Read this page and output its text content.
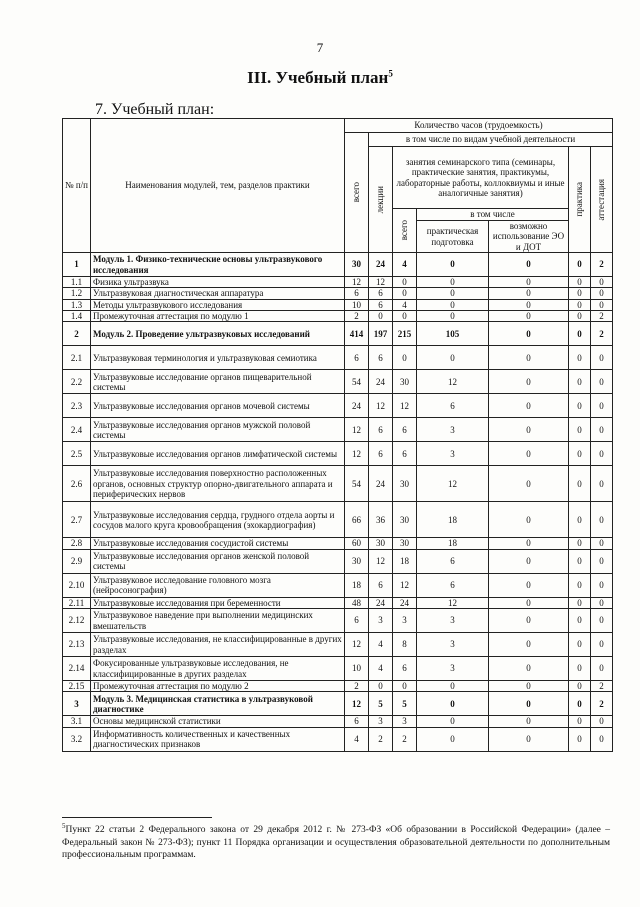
7
III. Учебный план$^5$
7. Учебный план:
№ п/п	Наименования модулей, тем, разделов практики	Количество часов (трудоемкость)						

		всего	в том числе по видам учебной деятельности					

			лекции	занятия семинарского типа (семинары, практические занятия, практикумы, лабораторные работы, коллоквиумы и иные аналогичные занятия)			практика	аттестация

				всего	в том числе			
					практическая подготовка	возможно использование ЭО и ДОТ		
1	Модуль 1. Физико-технические основы ультразвукового исследования	30	24	4	0	0	0	2
1.1	Физика ультразвука	12	12	0	0	0	0	0
1.2	Ультразвуковая диагностическая аппаратура	6	6	0	0	0	0	0
1.3	Методы ультразвукового исследования	10	6	4	0	0	0	0
1.4	Промежуточная аттестация по модулю 1	2	0	0	0	0	0	2
2	Модуль 2. Проведение ультразвуковых исследований	414	197	215	105	0	0	2
2.1	Ультразвуковая терминология и ультразвуковая семиотика	6	6	0	0	0	0	0
2.2	Ультразвуковые исследование органов пищеварительной системы	54	24	30	12	0	0	0
2.3	Ультразвуковые исследования органов мочевой системы	24	12	12	6	0	0	0
2.4	Ультразвуковые исследования органов мужской половой системы	12	6	6	3	0	0	0
2.5	Ультразвуковые исследования органов лимфатической системы	12	6	6	3	0	0	0
2.6	Ультразвуковые исследования поверхностно расположенных органов, основных структур опорно-двигательного аппарата и периферических нервов	54	24	30	12	0	0	0
2.7	Ультразвуковые исследования сердца, грудного отдела аорты и сосудов малого круга кровообращения (эхокардиография)	66	36	30	18	0	0	0
2.8	Ультразвуковые исследования сосудистой системы	60	30	30	18	0	0	0
2.9	Ультразвуковые исследования органов женской половой системы	30	12	18	6	0	0	0
2.10	Ультразвуковое исследование головного мозга (нейросонография)	18	6	12	6	0	0	0
2.11	Ультразвуковые исследования при беременности	48	24	24	12	0	0	0
2.12	Ультразвуковое наведение при выполнении медицинских вмешательств	6	3	3	3	0	0	0
2.13	Ультразвуковые исследования, не классифицированные в других разделах	12	4	8	3	0	0	0
2.14	Фокусированные ультразвуковые исследования, не классифицированные в других разделах	10	4	6	3	0	0	0
2.15	Промежуточная аттестация по модулю 2	2	0	0	0	0	0	2
3	Модуль 3. Медицинская статистика в ультразвуковой диагностике	12	5	5	0	0	0	2
3.1	Основы медицинской статистики	6	3	3	0	0	0	0
3.2	Информативность количественных и качественных диагностических признаков	4	2	2	0	0	0	0
$^5$Пункт 22 статьи 2 Федерального закона от 29 декабря 2012 г. № 273-ФЗ «Об образовании в Российской Федерации» (далее – Федеральный закон № 273-ФЗ); пункт 11 Порядка организации и осуществления образовательной деятельности по дополнительным профессиональным программам.
